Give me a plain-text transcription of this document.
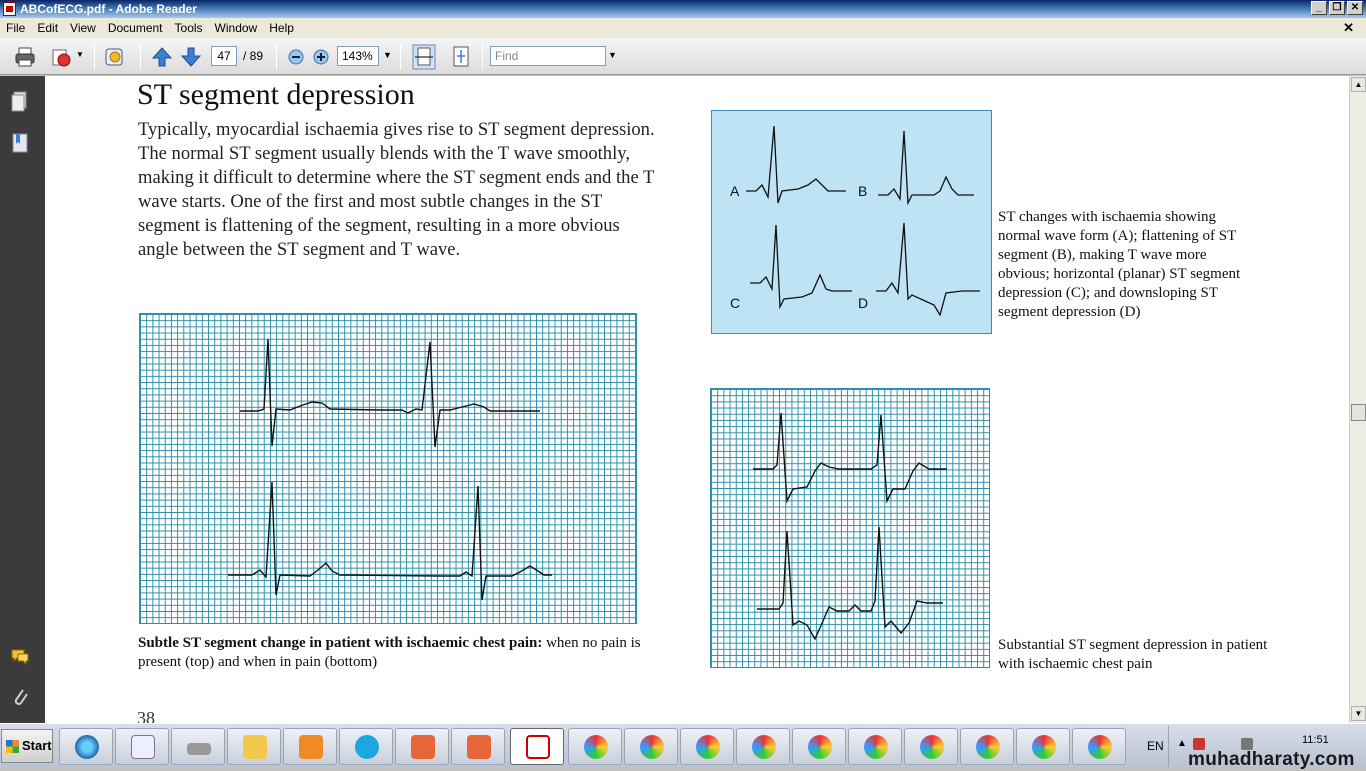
ABCofECG.pdf - Adobe Reader	_	❐ ✕
File	Edit	View	Document	Tools	Window	Help	✕
▼	47	/ 89	143%	▼	Find	▼
ST segment depression
Typically, myocardial ischaemia gives rise to ST segment depression. The normal ST segment usually blends with the T wave smoothly, making it difficult to determine where the ST segment ends and the T wave starts. One of the first and most subtle changes in the ST segment is flattening of the segment, resulting in a more obvious angle between the ST segment and T wave.
Subtle ST segment change in patient with ischaemic chest pain: when no pain is present (top) and when in pain (bottom)
A	B
C	D
ST changes with ischaemia showing normal wave form (A); flattening of ST segment (B), making T wave more obvious; horizontal (planar) ST segment depression (C); and downsloping ST segment depression (D)
Substantial ST segment depression in patient with ischaemic chest pain
38
▲
▼
Start	EN ▲	11:51
muhadharaty.com
